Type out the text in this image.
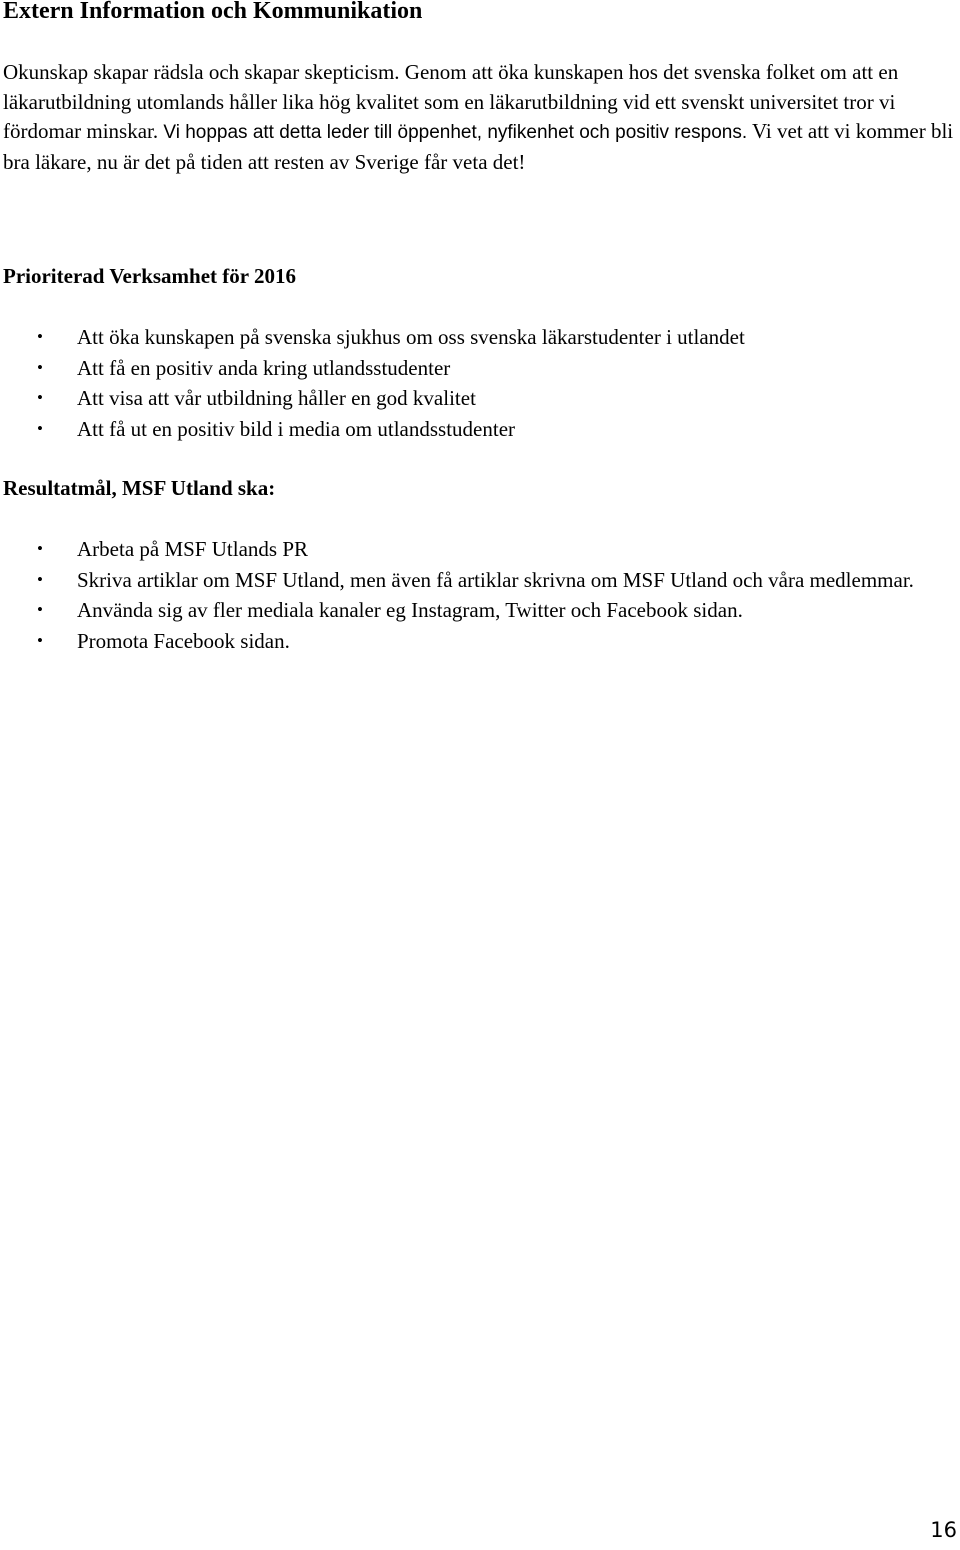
Extern Information och Kommunikation

Okunskap skapar rädsla och skapar skepticism. Genom att öka kunskapen hos det svenska folket om att en läkarutbildning utomlands håller lika hög kvalitet som en läkarutbildning vid ett svenskt universitet tror vi fördomar minskar. Vi hoppas att detta leder till öppenhet, nyfikenhet och positiv respons. Vi vet att vi kommer bli bra läkare, nu är det på tiden att resten av Sverige får veta det!

Prioriterad Verksamhet för 2016
• Att öka kunskapen på svenska sjukhus om oss svenska läkarstudenter i utlandet
• Att få en positiv anda kring utlandsstudenter
• Att visa att vår utbildning håller en god kvalitet
• Att få ut en positiv bild i media om utlandsstudenter
Resultatmål, MSF Utland ska:
• Arbeta på MSF Utlands PR
• Skriva artiklar om MSF Utland, men även få artiklar skrivna om MSF Utland och våra medlemmar.
• Använda sig av fler mediala kanaler eg Instagram, Twitter och Facebook sidan.
• Promota Facebook sidan.
16
